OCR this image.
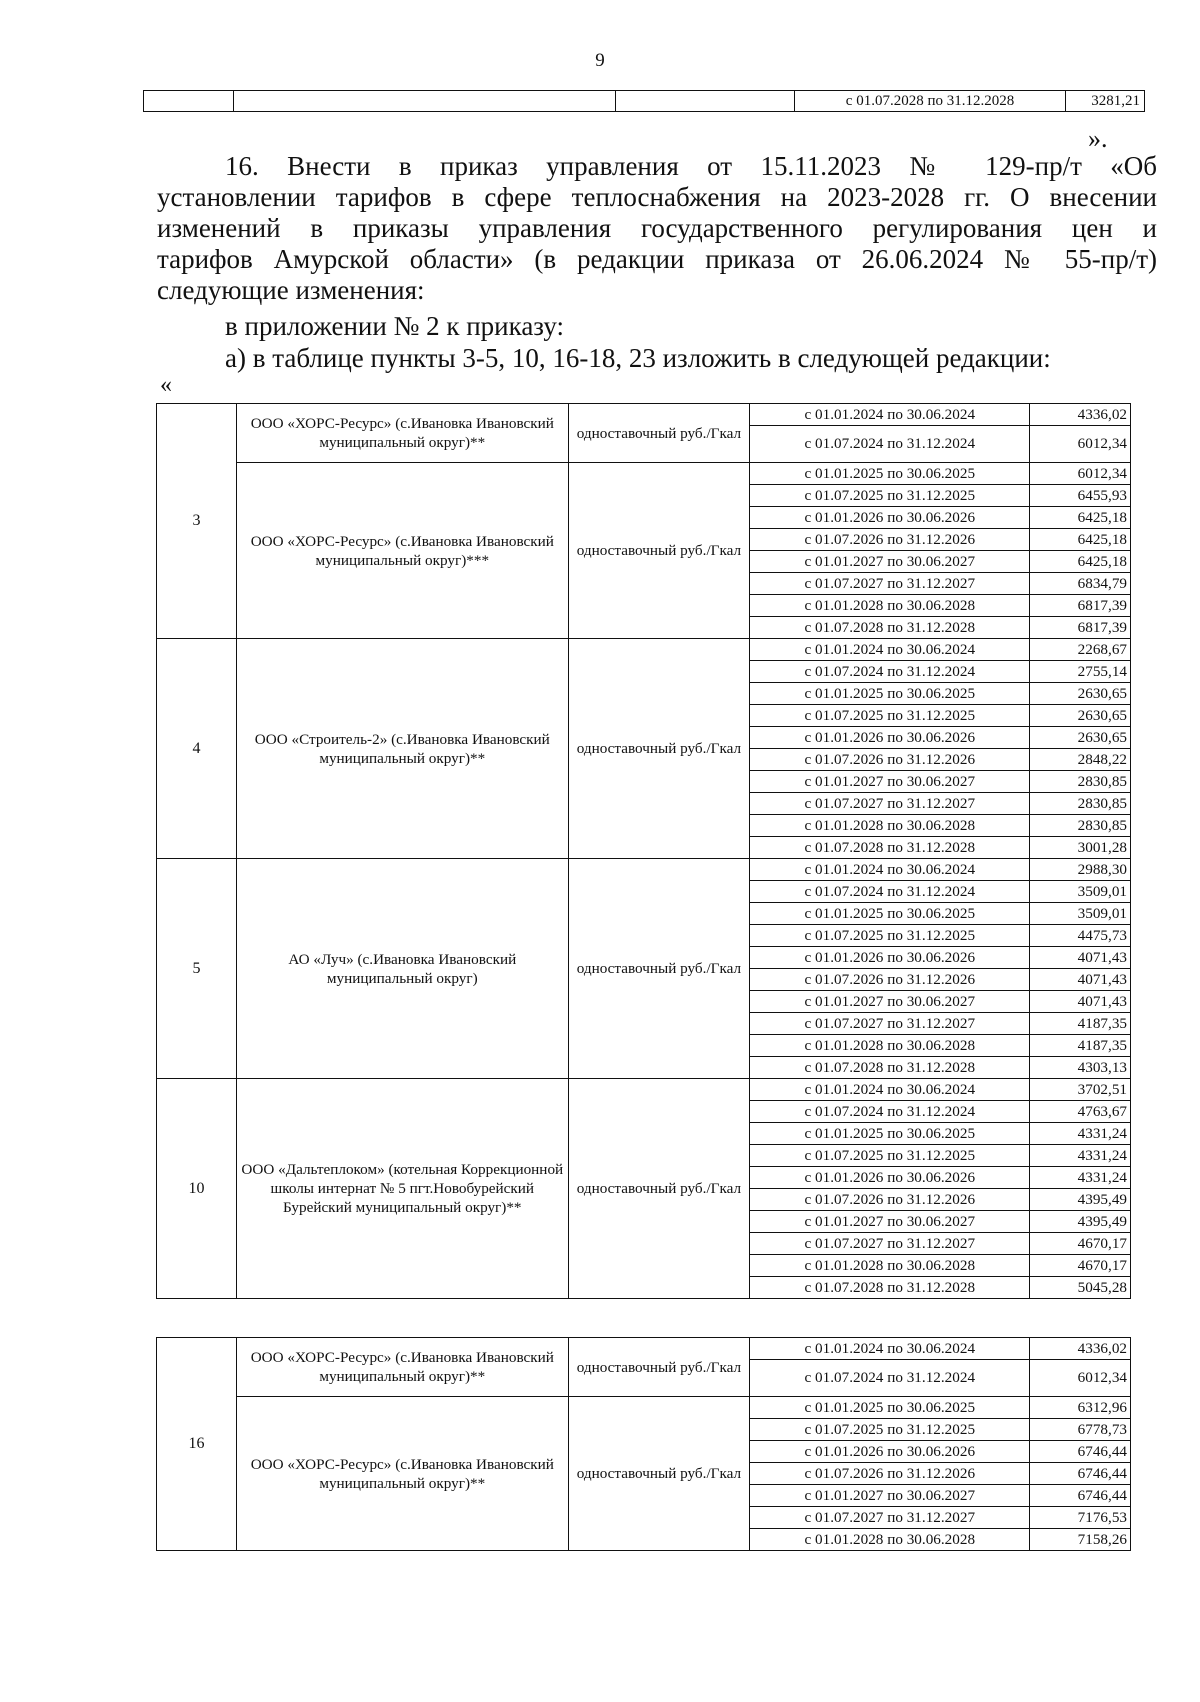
9
			с 01.07.2028 по 31.12.2028	3281,21
».
16. Внести в приказ управления от 15.11.2023 № 129-пр/т «Об
установлении тарифов в сфере теплоснабжения на 2023-2028 гг. О внесении
изменений в приказы управления государственного регулирования цен и
тарифов Амурской области» (в редакции приказа от 26.06.2024 № 55-пр/т)
следующие изменения:
в приложении № 2 к приказу:
а) в таблице пункты 3-5, 10, 16-18, 23 изложить в следующей редакции:
«
3	ООО «ХОРС-Ресурс» (с.Ивановка Ивановский муниципальный округ)**	одноставочный руб./Гкал	с 01.01.2024 по 30.06.2024	4336,02
			с 01.07.2024 по 31.12.2024	6012,34
	ООО «ХОРС-Ресурс» (с.Ивановка Ивановский муниципальный округ)***	одноставочный руб./Гкал	с 01.01.2025 по 30.06.2025	6012,34
			с 01.07.2025 по 31.12.2025	6455,93
			с 01.01.2026 по 30.06.2026	6425,18
			с 01.07.2026 по 31.12.2026	6425,18
			с 01.01.2027 по 30.06.2027	6425,18
			с 01.07.2027 по 31.12.2027	6834,79
			с 01.01.2028 по 30.06.2028	6817,39
			с 01.07.2028 по 31.12.2028	6817,39
4	ООО «Строитель-2» (с.Ивановка Ивановский муниципальный округ)**	одноставочный руб./Гкал	с 01.01.2024 по 30.06.2024	2268,67
			с 01.07.2024 по 31.12.2024	2755,14
			с 01.01.2025 по 30.06.2025	2630,65
			с 01.07.2025 по 31.12.2025	2630,65
			с 01.01.2026 по 30.06.2026	2630,65
			с 01.07.2026 по 31.12.2026	2848,22
			с 01.01.2027 по 30.06.2027	2830,85
			с 01.07.2027 по 31.12.2027	2830,85
			с 01.01.2028 по 30.06.2028	2830,85
			с 01.07.2028 по 31.12.2028	3001,28
5	АО «Луч» (с.Ивановка Ивановский муниципальный округ)	одноставочный руб./Гкал	с 01.01.2024 по 30.06.2024	2988,30
			с 01.07.2024 по 31.12.2024	3509,01
			с 01.01.2025 по 30.06.2025	3509,01
			с 01.07.2025 по 31.12.2025	4475,73
			с 01.01.2026 по 30.06.2026	4071,43
			с 01.07.2026 по 31.12.2026	4071,43
			с 01.01.2027 по 30.06.2027	4071,43
			с 01.07.2027 по 31.12.2027	4187,35
			с 01.01.2028 по 30.06.2028	4187,35
			с 01.07.2028 по 31.12.2028	4303,13
10	ООО «Дальтеплоком» (котельная Коррекционной школы интернат № 5 пгт.Новобурейский Бурейский муниципальный округ)**	одноставочный руб./Гкал	с 01.01.2024 по 30.06.2024	3702,51
			с 01.07.2024 по 31.12.2024	4763,67
			с 01.01.2025 по 30.06.2025	4331,24
			с 01.07.2025 по 31.12.2025	4331,24
			с 01.01.2026 по 30.06.2026	4331,24
			с 01.07.2026 по 31.12.2026	4395,49
			с 01.01.2027 по 30.06.2027	4395,49
			с 01.07.2027 по 31.12.2027	4670,17
			с 01.01.2028 по 30.06.2028	4670,17
			с 01.07.2028 по 31.12.2028	5045,28
16	ООО «ХОРС-Ресурс» (с.Ивановка Ивановский муниципальный округ)**	одноставочный руб./Гкал	с 01.01.2024 по 30.06.2024	4336,02
			с 01.07.2024 по 31.12.2024	6012,34
	ООО «ХОРС-Ресурс» (с.Ивановка Ивановский муниципальный округ)**	одноставочный руб./Гкал	с 01.01.2025 по 30.06.2025	6312,96
			с 01.07.2025 по 31.12.2025	6778,73
			с 01.01.2026 по 30.06.2026	6746,44
			с 01.07.2026 по 31.12.2026	6746,44
			с 01.01.2027 по 30.06.2027	6746,44
			с 01.07.2027 по 31.12.2027	7176,53
			с 01.01.2028 по 30.06.2028	7158,26
